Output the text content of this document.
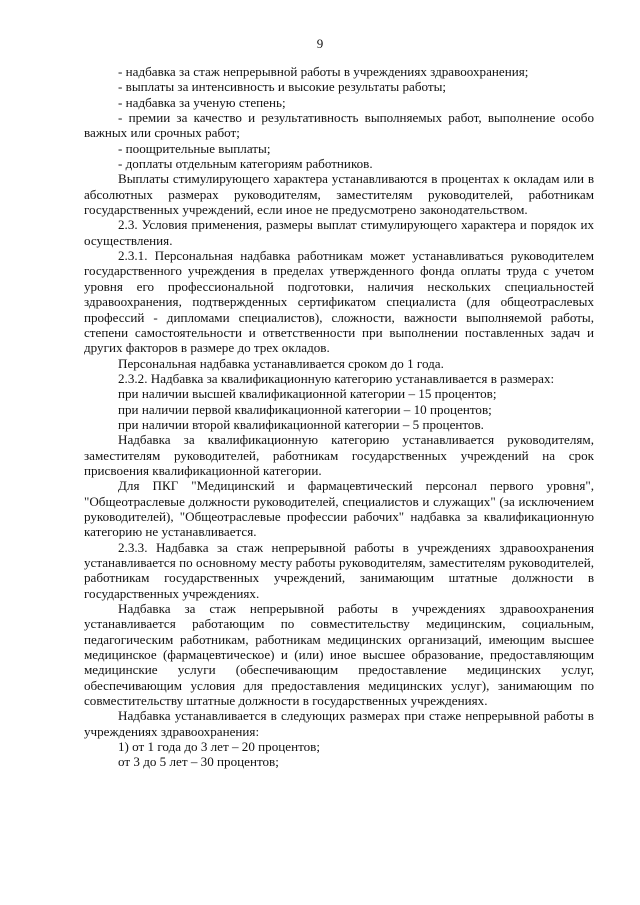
9

- надбавка за стаж непрерывной работы в учреждениях здравоохранения;

- выплаты за интенсивность и высокие результаты работы;

- надбавка за ученую степень;

- премии за качество и результативность выполняемых работ, выполнение особо важных или срочных работ;

- поощрительные выплаты;

- доплаты отдельным категориям работников.

Выплаты стимулирующего характера устанавливаются в процентах к окладам или в абсолютных размерах руководителям, заместителям руководителей, работникам государственных учреждений, если иное не предусмотрено законодательством.

2.3. Условия применения, размеры выплат стимулирующего характера и порядок их осуществления.

2.3.1. Персональная надбавка работникам может устанавливаться руководителем государственного учреждения в пределах утвержденного фонда оплаты труда с учетом уровня его профессиональной подготовки, наличия нескольких специальностей здравоохранения, подтвержденных сертификатом специалиста (для общеотраслевых профессий - дипломами специалистов), сложности, важности выполняемой работы, степени самостоятельности и ответственности при выполнении поставленных задач и других факторов в размере до трех окладов.

Персональная надбавка устанавливается сроком до 1 года.

2.3.2. Надбавка за квалификационную категорию устанавливается в размерах:

при наличии высшей квалификационной категории – 15 процентов;

при наличии первой квалификационной категории – 10 процентов;

при наличии второй квалификационной категории – 5 процентов.

Надбавка за квалификационную категорию устанавливается руководителям, заместителям руководителей, работникам государственных учреждений на срок присвоения квалификационной категории.

Для ПКГ "Медицинский и фармацевтический персонал первого уровня", "Общеотраслевые должности руководителей, специалистов и служащих" (за исключением руководителей), "Общеотраслевые профессии рабочих" надбавка за квалификационную категорию не устанавливается.

2.3.3. Надбавка за стаж непрерывной работы в учреждениях здравоохранения устанавливается по основному месту работы руководителям, заместителям руководителей, работникам государственных учреждений, занимающим штатные должности в государственных учреждениях.

Надбавка за стаж непрерывной работы в учреждениях здравоохранения устанавливается работающим по совместительству медицинским, социальным, педагогическим работникам, работникам медицинских организаций, имеющим высшее медицинское (фармацевтическое) и (или) иное высшее образование, предоставляющим медицинские услуги (обеспечивающим предоставление медицинских услуг, обеспечивающим условия для предоставления медицинских услуг), занимающим по совместительству штатные должности в государственных учреждениях.

Надбавка устанавливается в следующих размерах при стаже непрерывной работы в учреждениях здравоохранения:

1) от 1 года до 3 лет – 20 процентов;

от 3 до 5 лет – 30 процентов;
